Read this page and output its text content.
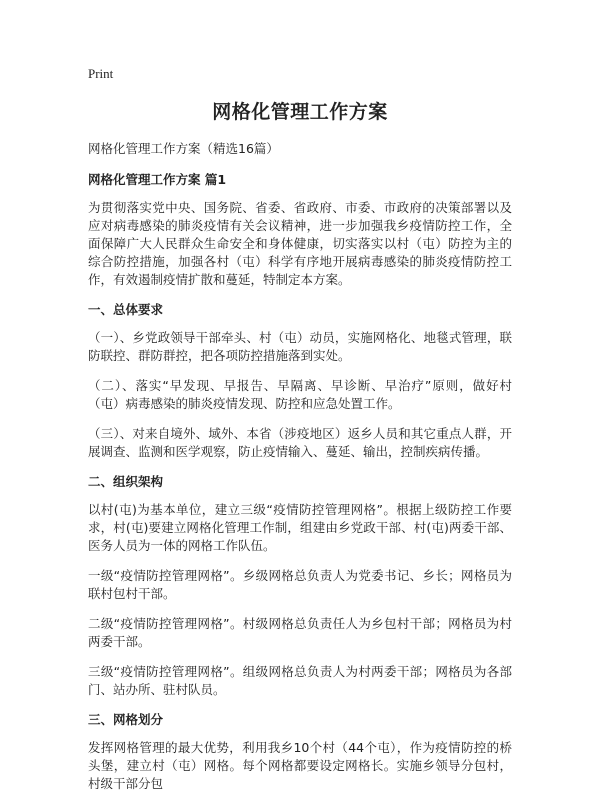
Print
网格化管理工作方案

网格化管理工作方案（精选16篇）

网格化管理工作方案 篇1

为贯彻落实党中央、国务院、省委、省政府、市委、市政府的决策部署以及应对病毒感染的肺炎疫情有关会议精神，进一步加强我乡疫情防控工作，全面保障广大人民群众生命安全和身体健康，切实落实以村（屯）防控为主的综合防控措施，加强各村（屯）科学有序地开展病毒感染的肺炎疫情防控工作，有效遏制疫情扩散和蔓延，特制定本方案。

一、总体要求

（一）、乡党政领导干部牵头、村（屯）动员，实施网格化、地毯式管理，联防联控、群防群控，把各项防控措施落到实处。

（二）、落实“早发现、早报告、早隔离、早诊断、早治疗”原则，做好村（屯）病毒感染的肺炎疫情发现、防控和应急处置工作。

（三）、对来自境外、域外、本省（涉疫地区）返乡人员和其它重点人群，开展调查、监测和医学观察，防止疫情输入、蔓延、输出，控制疾病传播。

二、组织架构

以村(屯)为基本单位，建立三级“疫情防控管理网格”。根据上级防控工作要求，村(屯)要建立网格化管理工作制，组建由乡党政干部、村(屯)两委干部、医务人员为一体的网格工作队伍。

一级“疫情防控管理网格”。乡级网格总负责人为党委书记、乡长；网格员为联村包村干部。

二级“疫情防控管理网格”。村级网格总负责任人为乡包村干部；网格员为村两委干部。

三级“疫情防控管理网格”。组级网格总负责人为村两委干部；网格员为各部门、站办所、驻村队员。

三、网格划分

发挥网格管理的最大优势，利用我乡10个村（44个屯），作为疫情防控的桥头堡，建立村（屯）网格。每个网格都要设定网格长。实施乡领导分包村，村级干部分包
